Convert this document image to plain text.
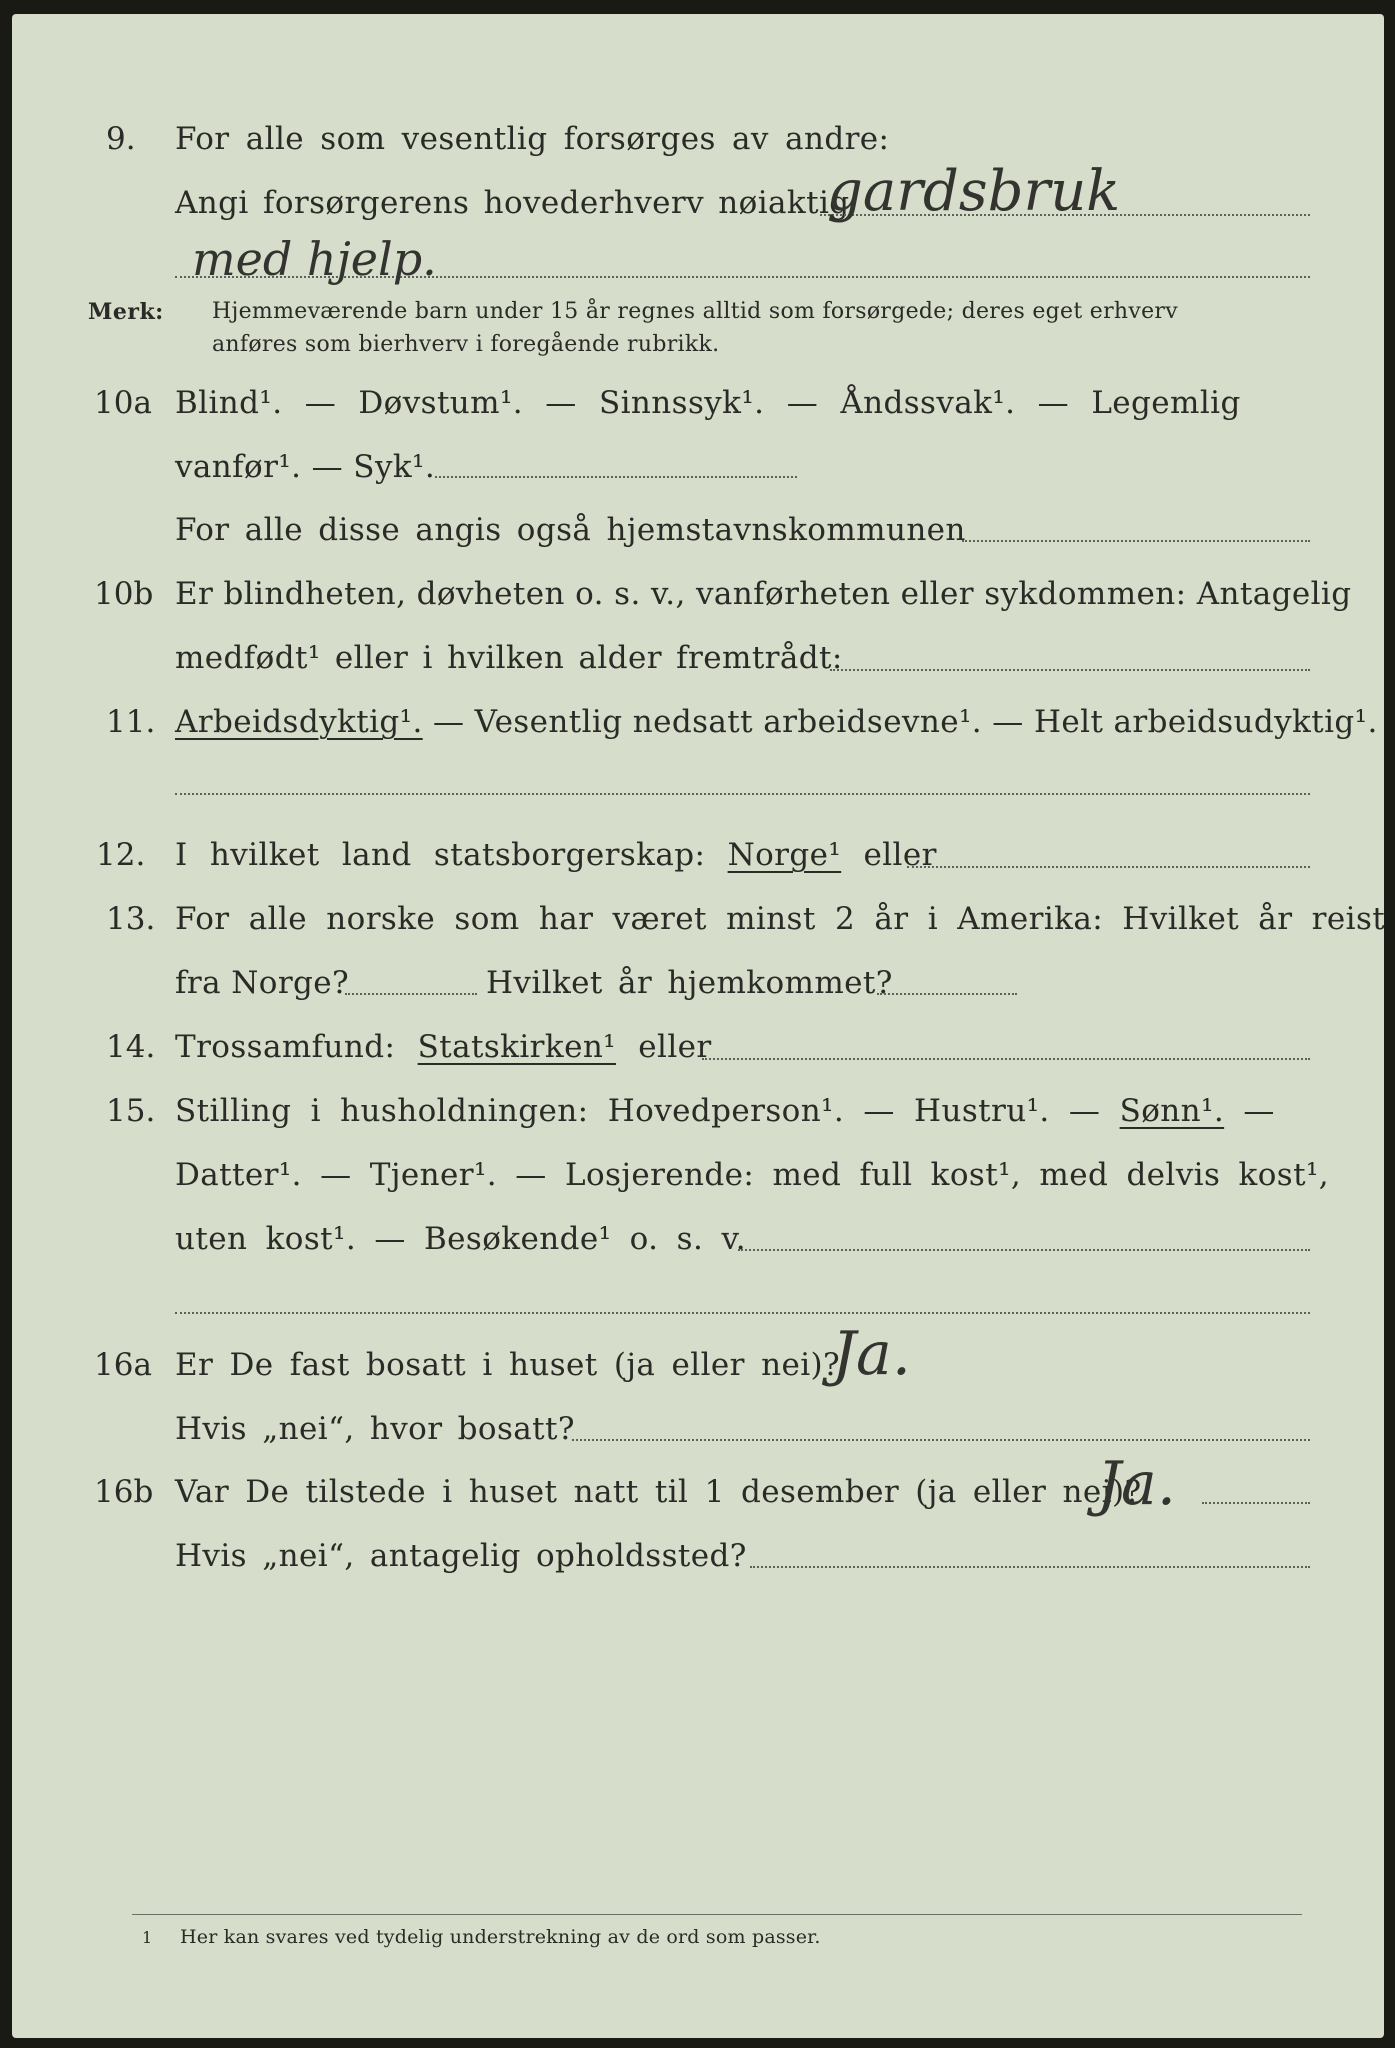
9. For alle som vesentlig forsørges av andre:
Angi forsørgerens hovederhverv nøiaktig
gardsbruk
med hjelp.
Merk: Hjemmeværende barn under 15 år regnes alltid som forsørgede; deres eget erhverv
anføres som bierhverv i foregående rubrikk.
10a Blind¹. — Døvstum¹. — Sinnssyk¹. — Åndssvak¹. — Legemlig
vanfør¹. — Syk¹.
For alle disse angis også hjemstavnskommunen
10b Er blindheten, døvheten o. s. v., vanførheten eller sykdommen: Antagelig
medfødt¹ eller i hvilken alder fremtrådt:
11. Arbeidsdyktig¹. — Vesentlig nedsatt arbeidsevne¹. — Helt arbeidsudyktig¹.
12. I hvilket land statsborgerskap: Norge¹ eller
13. For alle norske som har været minst 2 år i Amerika: Hvilket år reist
fra Norge?	Hvilket år hjemkommet?
14. Trossamfund: Statskirken¹ eller
15. Stilling i husholdningen: Hovedperson¹. — Hustru¹. — Sønn¹. —
Datter¹. — Tjener¹. — Losjerende: med full kost¹, med delvis kost¹,
uten kost¹. — Besøkende¹ o. s. v.
16a Er De fast bosatt i huset (ja eller nei)?
Ja.
Hvis „nei“, hvor bosatt?
16b Var De tilstede i huset natt til 1 desember (ja eller nei)?
Ja.
Hvis „nei“, antagelig opholdssted?
1 Her kan svares ved tydelig understrekning av de ord som passer.
